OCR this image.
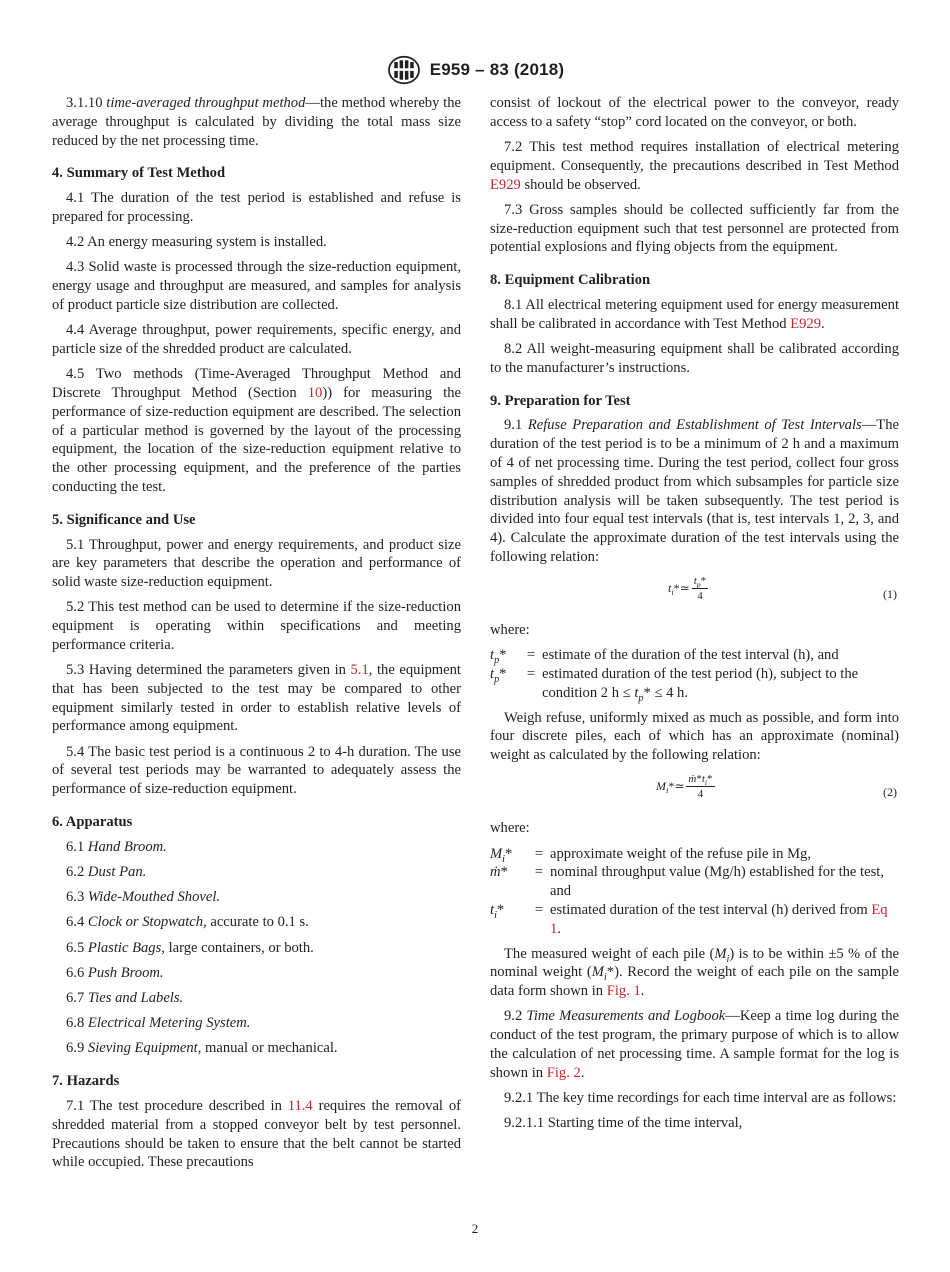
E959 – 83 (2018)

3.1.10 time-averaged throughput method—the method whereby the average throughput is calculated by dividing the total mass size reduced by the net processing time.

4. Summary of Test Method

4.1 The duration of the test period is established and refuse is prepared for processing.

4.2 An energy measuring system is installed.

4.3 Solid waste is processed through the size-reduction equipment, energy usage and throughput are measured, and samples for analysis of product particle size distribution are collected.

4.4 Average throughput, power requirements, specific energy, and particle size of the shredded product are calculated.

4.5 Two methods (Time-Averaged Throughput Method and Discrete Throughput Method (Section 10)) for measuring the performance of size-reduction equipment are described. The selection of a particular method is governed by the layout of the processing equipment, the location of the size-reduction equipment relative to the other processing equipment, and the preference of the parties conducting the test.

5. Significance and Use

5.1 Throughput, power and energy requirements, and product size are key parameters that describe the operation and performance of solid waste size-reduction equipment.

5.2 This test method can be used to determine if the size-reduction equipment is operating within specifications and meeting performance criteria.

5.3 Having determined the parameters given in 5.1, the equipment that has been subjected to the test may be compared to other equipment similarly tested in order to establish relative levels of performance among equipment.

5.4 The basic test period is a continuous 2 to 4-h duration. The use of several test periods may be warranted to adequately assess the performance of size-reduction equipment.

6. Apparatus

6.1 Hand Broom.

6.2 Dust Pan.

6.3 Wide-Mouthed Shovel.

6.4 Clock or Stopwatch, accurate to 0.1 s.

6.5 Plastic Bags, large containers, or both.

6.6 Push Broom.

6.7 Ties and Labels.

6.8 Electrical Metering System.

6.9 Sieving Equipment, manual or mechanical.

7. Hazards

7.1 The test procedure described in 11.4 requires the removal of shredded material from a stopped conveyor belt by test personnel. Precautions should be taken to ensure that the belt cannot be started while occupied. These precautions

consist of lockout of the electrical power to the conveyor, ready access to a safety “stop” cord located on the conveyor, or both.

7.2 This test method requires installation of electrical metering equipment. Consequently, the precautions described in Test Method E929 should be observed.

7.3 Gross samples should be collected sufficiently far from the size-reduction equipment such that test personnel are protected from potential explosions and flying objects from the equipment.

8. Equipment Calibration

8.1 All electrical metering equipment used for energy measurement shall be calibrated in accordance with Test Method E929.

8.2 All weight-measuring equipment shall be calibrated according to the manufacturer’s instructions.

9. Preparation for Test

9.1 Refuse Preparation and Establishment of Test Intervals—The duration of the test period is to be a minimum of 2 h and a maximum of 4 of net processing time. During the test period, collect four gross samples of shredded product from which subsamples for particle size distribution analysis will be taken subsequently. The test period is divided into four equal test intervals (that is, test intervals 1, 2, 3, and 4). Calculate the approximate duration of the test intervals using the following relation:

$t_i*≃ \frac{t_p*}{4}$	(1)

where:

$t_p*$	= estimate of the duration of the test interval (h), and
$t_p*$	= estimated duration of the test period (h), subject to the condition 2 $h \le t_p* \le 4$ h.

Weigh refuse, uniformly mixed as much as possible, and form into four discrete piles, each of which has an approximate (nominal) weight as calculated by the following relation:

$M_i*≃ \frac{ṁ*t_i*}{4}$	(2)

where:

$M_i*$	= approximate weight of the refuse pile in Mg,
ṁ*	= nominal throughput value (Mg/h) established for the test, and
$t_i*$	= estimated duration of the test interval (h) derived from Eq 1.

The measured weight of each pile $(M_i)$ is to be within ±5 % of the nominal weight $(M_i*)$. Record the weight of each pile on the sample data form shown in Fig. 1.

9.2 Time Measurements and Logbook—Keep a time log during the conduct of the test program, the primary purpose of which is to allow the calculation of net processing time. A sample format for the log is shown in Fig. 2.

9.2.1 The key time recordings for each time interval are as follows:

9.2.1.1 Starting time of the time interval,

2
